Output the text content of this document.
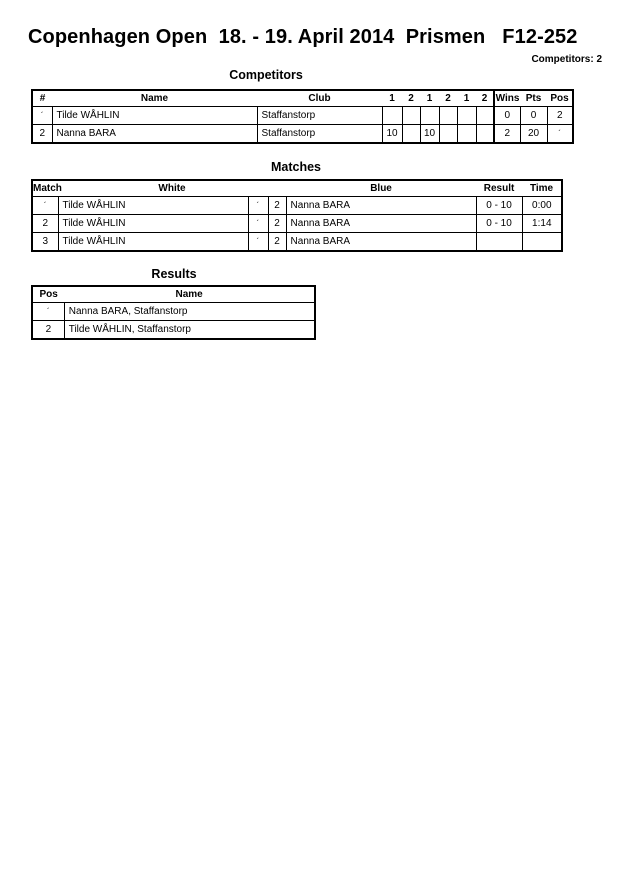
Copenhagen Open  18. - 19. April 2014  Prismen   F12-252
Competitors: 2
Competitors
#	Name	Club	1	2	1	2	1	2	Wins	Pts	Pos
´	Tilde WÅHLIN	Staffanstorp							0	0	2
2	Nanna BARA	Staffanstorp	10		10				2	20	´
Matches
Match	White			Blue	Result	Time
´	Tilde WÅHLIN	´	2	Nanna BARA	0 - 10	0:00
2	Tilde WÅHLIN	´	2	Nanna BARA	0 - 10	1:14
3	Tilde WÅHLIN	´	2	Nanna BARA		
Results
Pos	Name
´	Nanna BARA, Staffanstorp
2	Tilde WÅHLIN, Staffanstorp
